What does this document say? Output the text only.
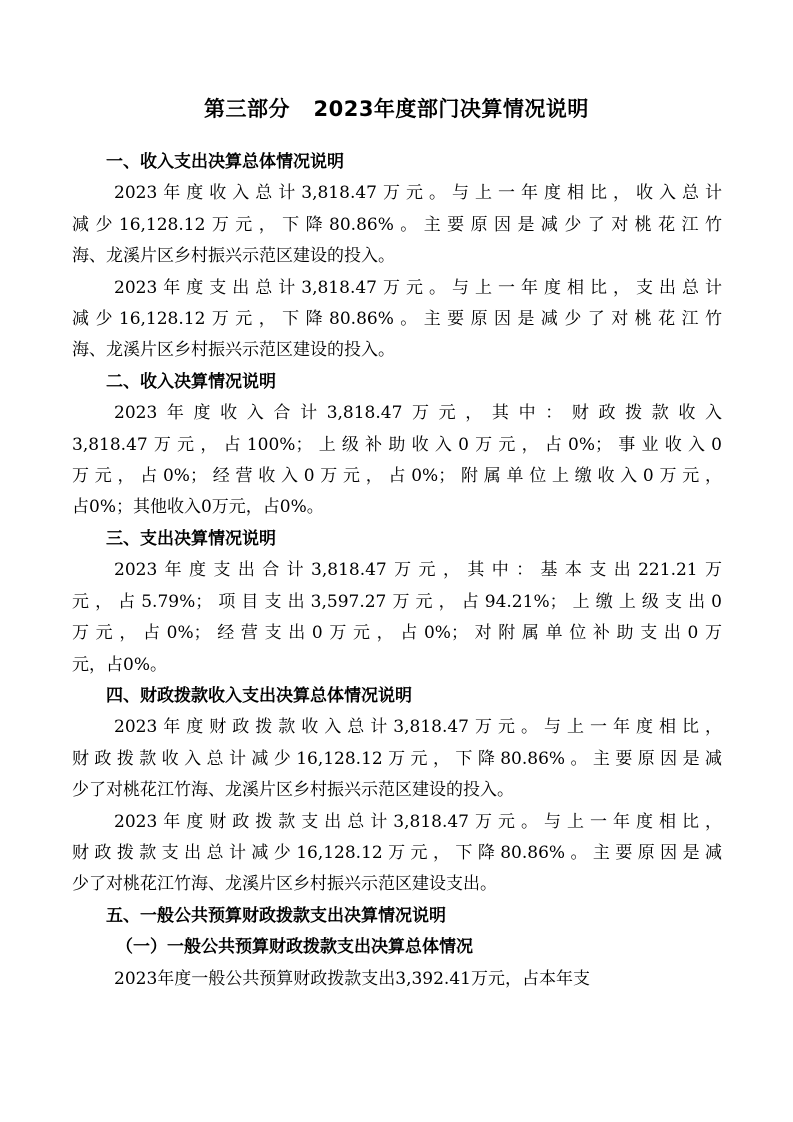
第三部分   2023年度部门决算情况说明
一、收入支出决算总体情况说明
2023年度收入总计3,818.47万元。与上一年度相比，收入总计
减少16,128.12万元，下降80.86%。主要原因是减少了对桃花江竹
海、龙溪片区乡村振兴示范区建设的投入。
2023年度支出总计3,818.47万元。与上一年度相比，支出总计
减少16,128.12万元，下降80.86%。主要原因是减少了对桃花江竹
海、龙溪片区乡村振兴示范区建设的投入。
二、收入决算情况说明
2023年度收入合计3,818.47万元，其中：财政拨款收入
3,818.47万元，占100%；上级补助收入0万元，占0%；事业收入0
万元，占0%；经营收入0万元，占0%；附属单位上缴收入0万元，
占0%；其他收入0万元，占0%。
三、支出决算情况说明
2023年度支出合计3,818.47万元，其中：基本支出221.21万
元，占5.79%；项目支出3,597.27万元，占94.21%；上缴上级支出0
万元，占0%；经营支出0万元，占0%；对附属单位补助支出0万
元，占0%。
四、财政拨款收入支出决算总体情况说明
2023年度财政拨款收入总计3,818.47万元。与上一年度相比，
财政拨款收入总计减少16,128.12万元，下降80.86%。主要原因是减
少了对桃花江竹海、龙溪片区乡村振兴示范区建设的投入。
2023年度财政拨款支出总计3,818.47万元。与上一年度相比，
财政拨款支出总计减少16,128.12万元，下降80.86%。主要原因是减
少了对桃花江竹海、龙溪片区乡村振兴示范区建设支出。
五、一般公共预算财政拨款支出决算情况说明
（一）一般公共预算财政拨款支出决算总体情况
2023年度一般公共预算财政拨款支出3,392.41万元，占本年支
